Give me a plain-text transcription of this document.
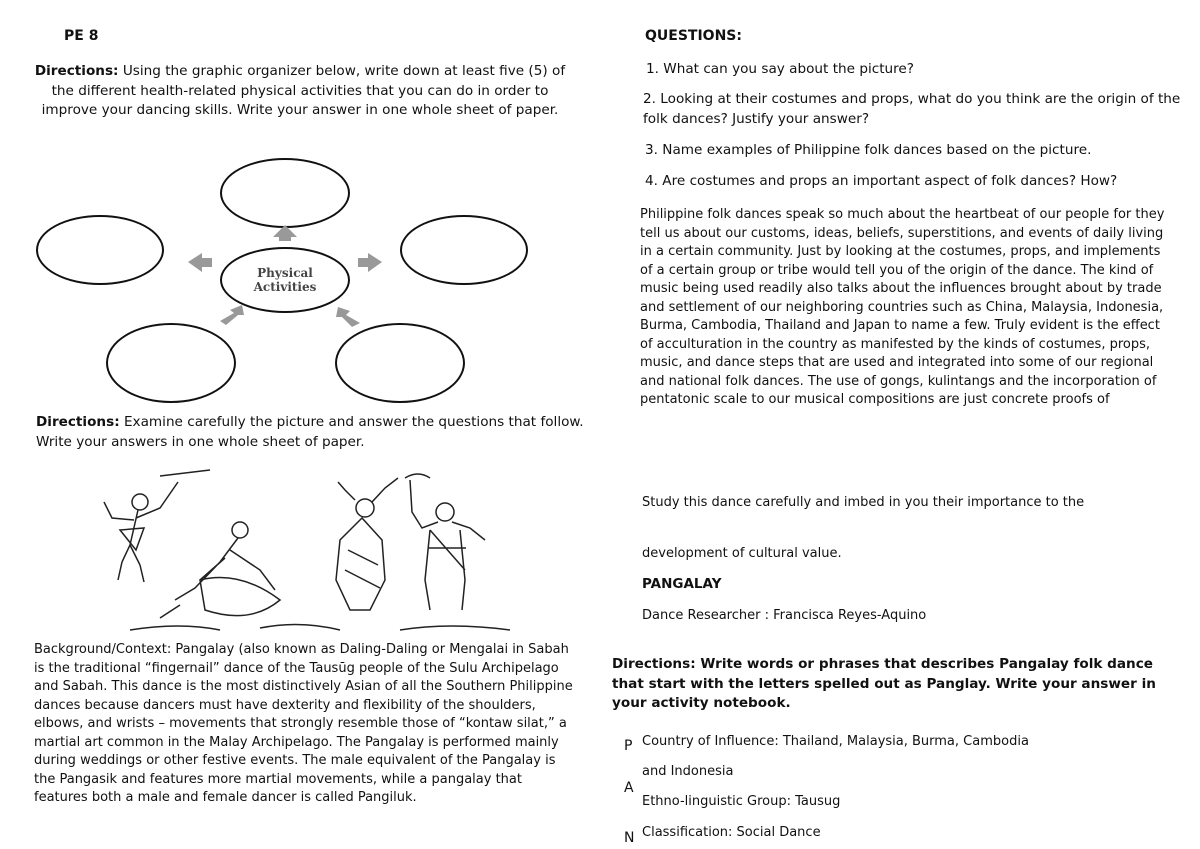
PE 8
Directions: Using the graphic organizer below, write down at least five (5) of the different health-related physical activities that you can do in order to improve your dancing skills. Write your answer in one whole sheet of paper.
Physical
Activities
Directions: Examine carefully the picture and answer the questions that follow. Write your answers in one whole sheet of paper.
Background/Context: Pangalay (also known as Daling-Daling or Mengalai in Sabah is the traditional “fingernail” dance of the Tausūg people of the Sulu Archipelago and Sabah. This dance is the most distinctively Asian of all the Southern Philippine dances because dancers must have dexterity and flexibility of the shoulders, elbows, and wrists – movements that strongly resemble those of “kontaw silat,” a martial art common in the Malay Archipelago. The Pangalay is performed mainly during weddings or other festive events. The male equivalent of the Pangalay is the Pangasik and features more martial movements, while a pangalay that features both a male and female dancer is called Pangiluk.
QUESTIONS:
1. What can you say about the picture?
2. Looking at their costumes and props, what do you think are the origin of the folk dances? Justify your answer?
3. Name examples of Philippine folk dances based on the picture.
4. Are costumes and props an important aspect of folk dances? How?
Philippine folk dances speak so much about the heartbeat of our people for they tell us about our customs, ideas, beliefs, superstitions, and events of daily living in a certain community. Just by looking at the costumes, props, and implements of a certain group or tribe would tell you of the origin of the dance. The kind of music being used readily also talks about the influences brought about by trade and settlement of our neighboring countries such as China, Malaysia, Indonesia, Burma, Cambodia, Thailand and Japan to name a few. Truly evident is the effect of acculturation in the country as manifested by the kinds of costumes, props, music, and dance steps that are used and integrated into some of our regional and national folk dances. The use of gongs, kulintangs and the incorporation of pentatonic scale to our musical compositions are just concrete proofs of
Study this dance carefully and imbed in you their importance to the
development of cultural value.
PANGALAY
Dance Researcher : Francisca Reyes-Aquino
Directions: Write words or phrases that describes Pangalay folk dance that start with the letters spelled out as Panglay. Write your answer in your activity notebook.
P Country of Influence: Thailand, Malaysia, Burma, Cambodia
and Indonesia
A
Ethno-linguistic Group: Tausug
N Classification: Social Dance
